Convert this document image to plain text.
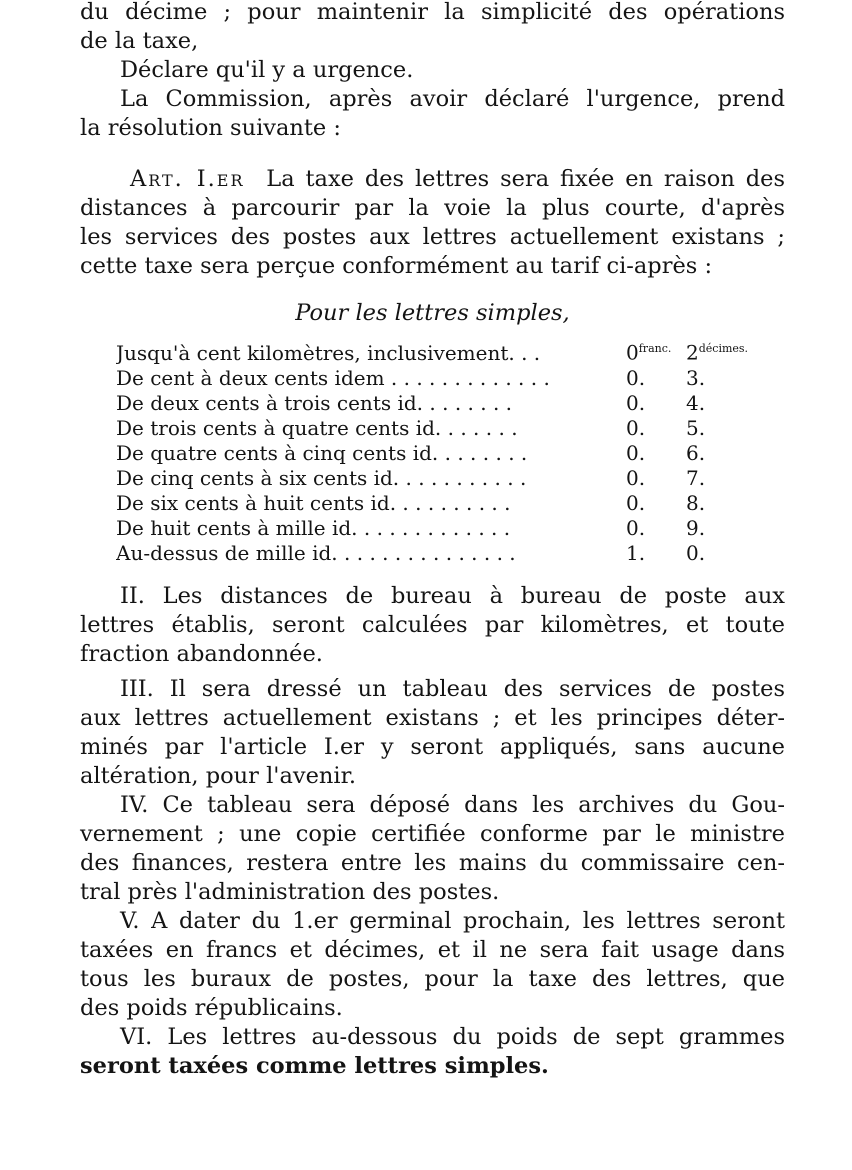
du décime ; pour maintenir la simplicité des opérations
de la taxe,
Déclare qu'il y a urgence.
La Commission, après avoir déclaré l'urgence, prend
la résolution suivante :
Art. I.er La taxe des lettres sera fixée en raison des
distances à parcourir par la voie la plus courte, d'après
les services des postes aux lettres actuellement existans ;
cette taxe sera perçue conformément au tarif ci-après :
Pour les lettres simples,
Jusqu'à cent kilomètres, inclusivement. . .	$0^{franc.}$ $2^{décimes.}$
De cent à deux cents idem . . . . . . . . . . . . .	0.	3.
De deux cents à trois cents id. . . . . . . .	0.	4.
De trois cents à quatre cents id. . . . . . .	0.	5.
De quatre cents à cinq cents id. . . . . . . .	0.	6.
De cinq cents à six cents id. . . . . . . . . . .	0.	7.
De six cents à huit cents id. . . . . . . . . .	0.	8.
De huit cents à mille id. . . . . . . . . . . . .	0.	9.
Au-dessus de mille id. . . . . . . . . . . . . . .	1.	0.
II. Les distances de bureau à bureau de poste aux
lettres établis, seront calculées par kilomètres, et toute
fraction abandonnée.
III. Il sera dressé un tableau des services de postes
aux lettres actuellement existans ; et les principes déter-
minés par l'article I.er y seront appliqués, sans aucune
altération, pour l'avenir.
IV. Ce tableau sera déposé dans les archives du Gou-
vernement ; une copie certifiée conforme par le ministre
des finances, restera entre les mains du commissaire cen-
tral près l'administration des postes.
V. A dater du 1.er germinal prochain, les lettres seront
taxées en francs et décimes, et il ne sera fait usage dans
tous les buraux de postes, pour la taxe des lettres, que
des poids républicains.
VI. Les lettres au-dessous du poids de sept grammes
seront taxées comme lettres simples.
